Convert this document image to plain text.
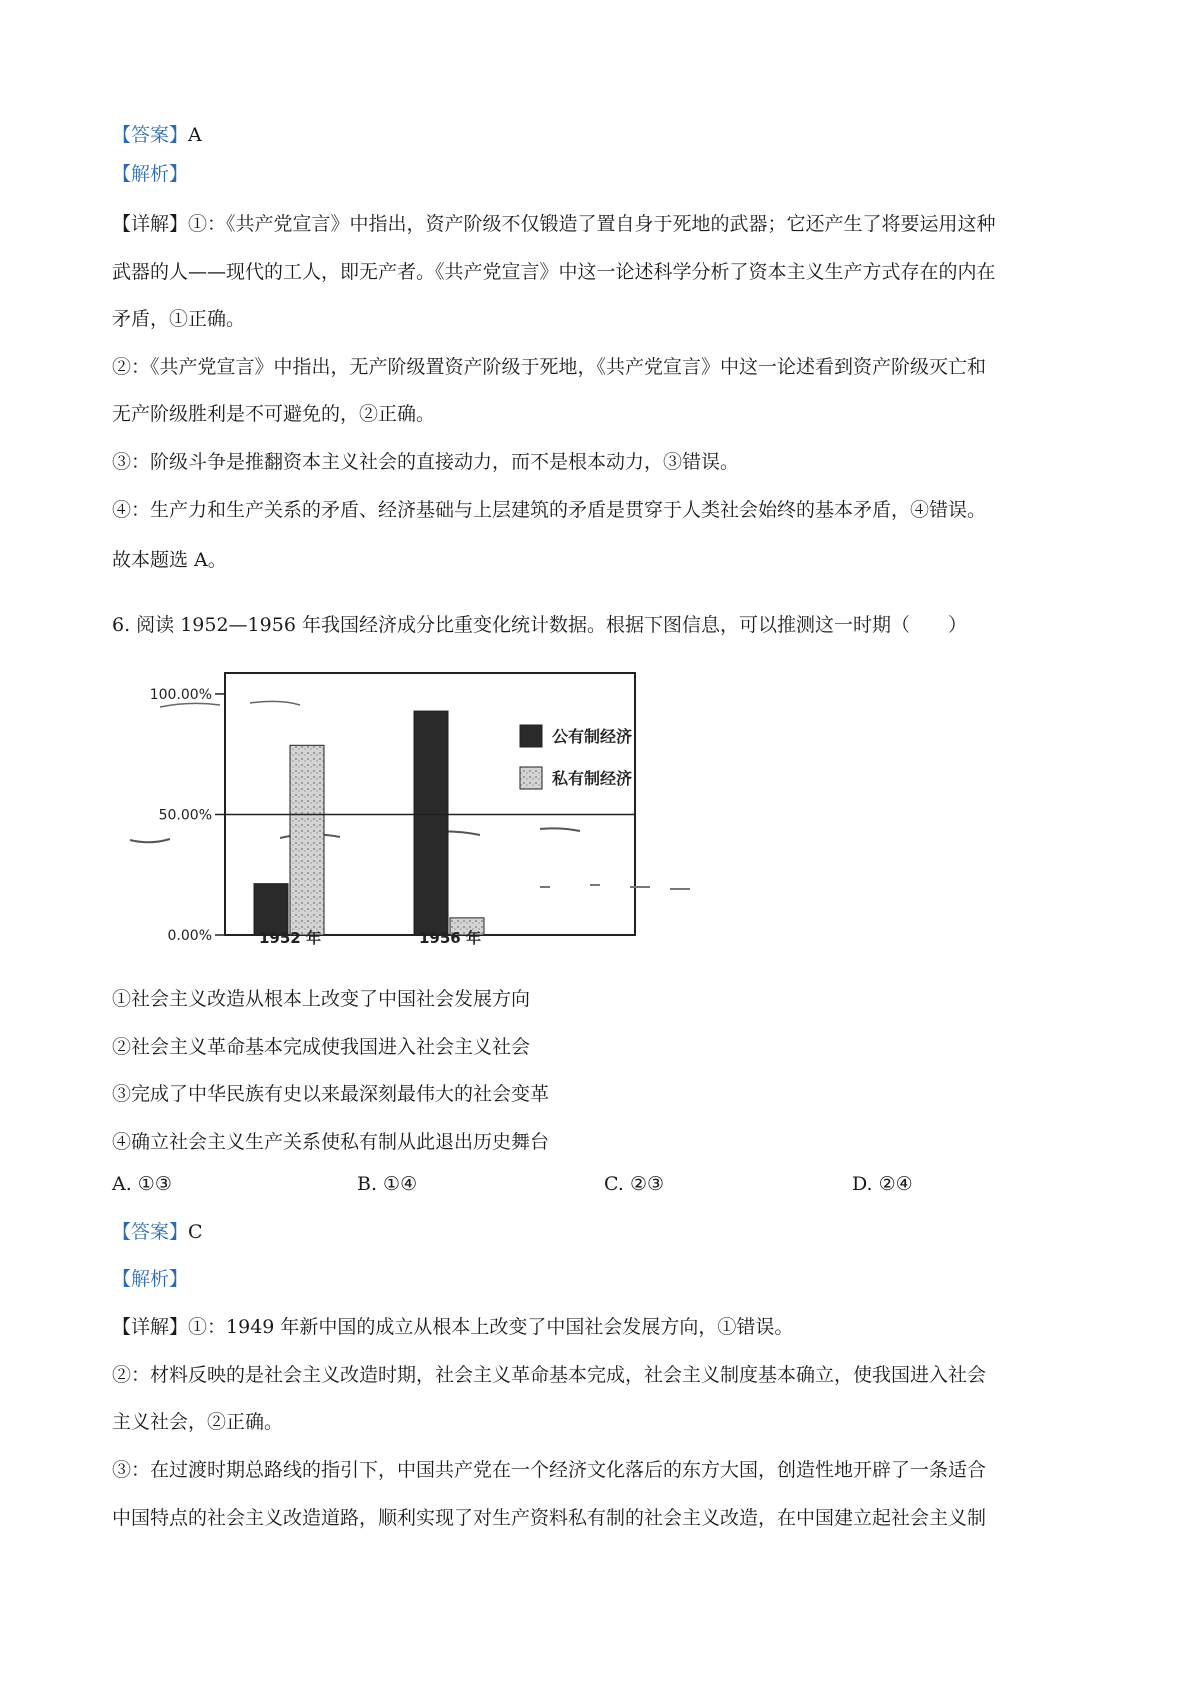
【答案】A
【解析】
【详解】①：《共产党宣言》中指出，资产阶级不仅锻造了置自身于死地的武器；它还产生了将要运用这种
武器的人——现代的工人，即无产者。《共产党宣言》中这一论述科学分析了资本主义生产方式存在的内在
矛盾，①正确。
②：《共产党宣言》中指出，无产阶级置资产阶级于死地，《共产党宣言》中这一论述看到资产阶级灭亡和
无产阶级胜利是不可避免的，②正确。
③：阶级斗争是推翻资本主义社会的直接动力，而不是根本动力，③错误。
④：生产力和生产关系的矛盾、经济基础与上层建筑的矛盾是贯穿于人类社会始终的基本矛盾，④错误。
故本题选 A。
6. 阅读 1952—1956 年我国经济成分比重变化统计数据。根据下图信息，可以推测这一时期（　　）
100.00%
50.00%
0.00%	1952 年	1956 年
公有制经济
私有制经济
①社会主义改造从根本上改变了中国社会发展方向
②社会主义革命基本完成使我国进入社会主义社会
③完成了中华民族有史以来最深刻最伟大的社会变革
④确立社会主义生产关系使私有制从此退出历史舞台
A. ①③	B. ①④	C. ②③	D. ②④
【答案】C
【解析】
【详解】①：1949 年新中国的成立从根本上改变了中国社会发展方向，①错误。
②：材料反映的是社会主义改造时期，社会主义革命基本完成，社会主义制度基本确立，使我国进入社会
主义社会，②正确。
③：在过渡时期总路线的指引下，中国共产党在一个经济文化落后的东方大国，创造性地开辟了一条适合
中国特点的社会主义改造道路，顺利实现了对生产资料私有制的社会主义改造，在中国建立起社会主义制
